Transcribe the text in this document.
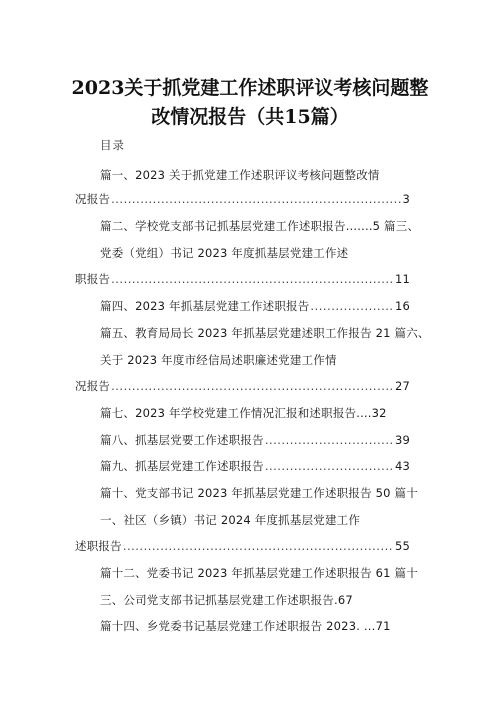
2023关于抓党建工作述职评议考核问题整
改情况报告（共15篇）
目录
篇一、2023 关于抓党建工作述职评议考核问题整改情
况报告 .....	3
篇二、学校党支部书记抓基层党建工作述职报告.......5 篇三、
党委（党组）书记 2023 年度抓基层党建工作述
职报告 .....	11
篇四、2023 年抓基层党建工作述职报告 .....	16
篇五、教育局局长 2023 年抓基层党建述职工作报告 21 篇六、
关于 2023 年度市经信局述职廉述党建工作情
况报告 .....	27
篇七、2023 年学校党建工作情况汇报和述职报告....32
篇八、抓基层党要工作述职报告 .....	39
篇九、抓基层党建工作述职报告 .....	43
篇十、党支部书记 2023 年抓基层党建工作述职报告 50 篇十
一、社区（乡镇）书记 2024 年度抓基层党建工作
述职报告 .....	55
篇十二、党委书记 2023 年抓基层党建工作述职报告 61 篇十
三、公司党支部书记抓基层党建工作述职报告.67
篇十四、乡党委书记基层党建工作述职报告 2023. …71
